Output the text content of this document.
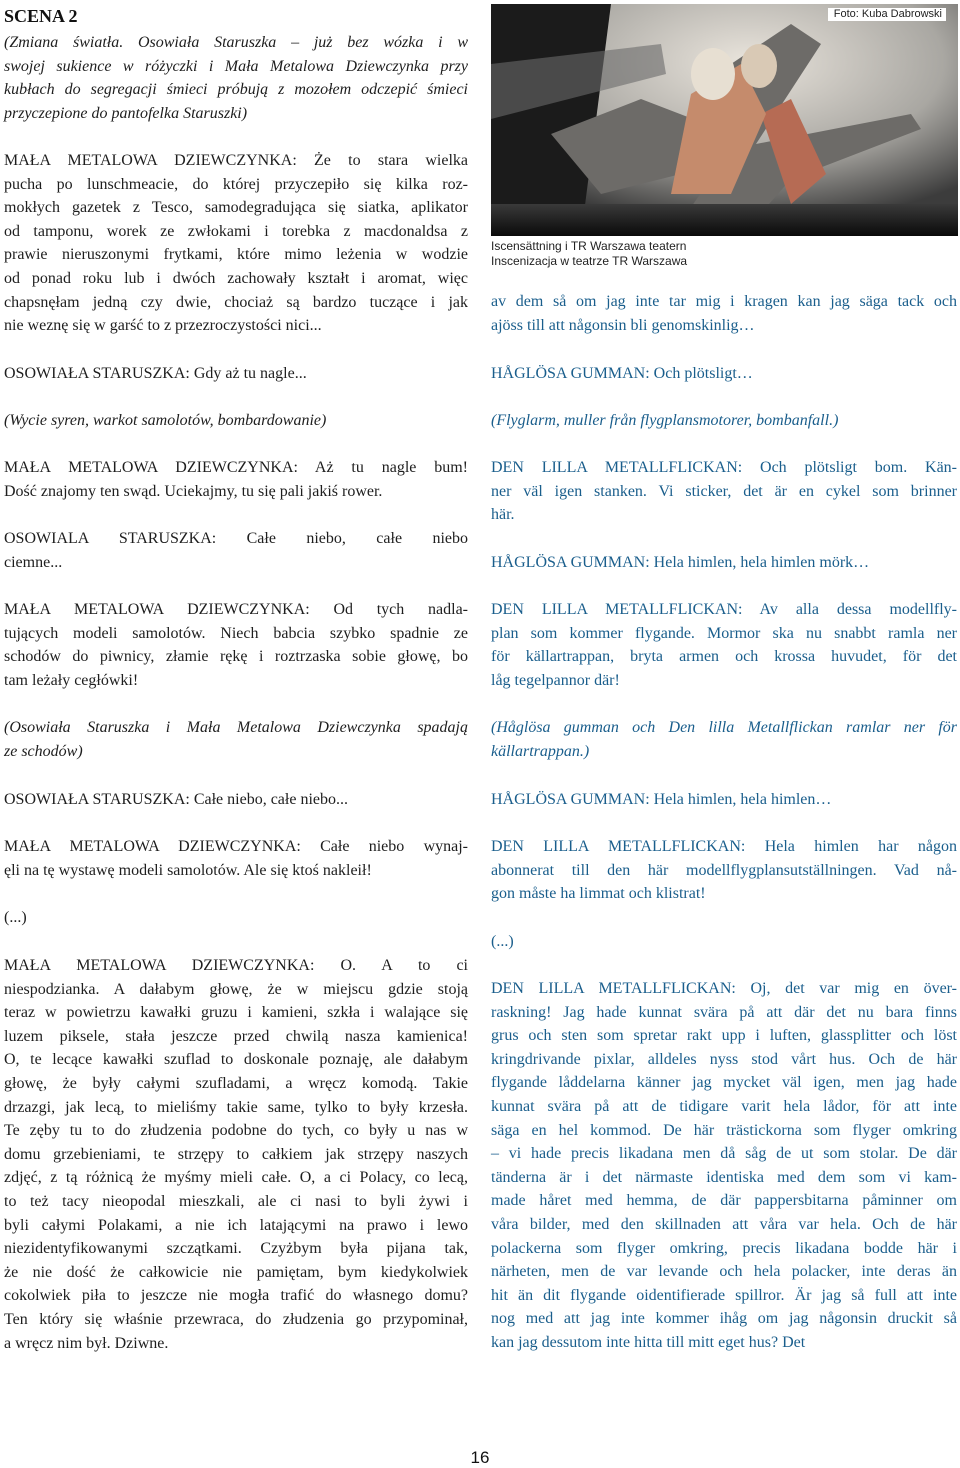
SCENA 2

(Zmiana światła. Osowiała Staruszka – już bez wózka i w
swojej sukience w różyczki i Mała Metalowa Dziewczynka przy
kubłach do segregacji śmieci próbują z mozołem odczepić śmieci
przyczepione do pantofelka Staruszki)

MAŁA METALOWA DZIEWCZYNKA: Że to stara wielka
pucha po lunschmeacie, do której przyczepiło się kilka roz-
mokłych gazetek z Tesco, samodegradująca się siatka, aplikator
od tamponu, worek ze zwłokami i torebka z macdonaldsa z
prawie nieruszonymi frytkami, które mimo leżenia w wodzie
od ponad roku lub i dwóch zachowały kształt i aromat, więc
chapsnęłam jedną czy dwie, chociaż są bardzo tuczące i jak
nie weznę się w garść to z przezroczystości nici...

OSOWIAŁA STARUSZKA: Gdy aż tu nagle...

(Wycie syren, warkot samolotów, bombardowanie)

MAŁA METALOWA DZIEWCZYNKA: Aż tu nagle bum!
Dość znajomy ten swąd. Uciekajmy, tu się pali jakiś rower.

OSOWIALA STARUSZKA: Całe niebo, całe niebo
ciemne...

MAŁA METALOWA DZIEWCZYNKA: Od tych nadla-
tujących modeli samolotów. Niech babcia szybko spadnie ze
schodów do piwnicy, złamie rękę i roztrzaska sobie głowę, bo
tam leżały cegłówki!

(Osowiała Staruszka i Mała Metalowa Dziewczynka spadają
ze schodów)

OSOWIAŁA STARUSZKA: Całe niebo, całe niebo...

MAŁA METALOWA DZIEWCZYNKA: Całe niebo wynaj-
ęli na tę wystawę modeli samolotów. Ale się ktoś nakleił!

(...)

MAŁA METALOWA DZIEWCZYNKA: O. A to ci
niespodzianka. A dałabym głowę, że w miejscu gdzie stoją
teraz w powietrzu kawałki gruzu i kamieni, szkła i walające się
luzem piksele, stała jeszcze przed chwilą nasza kamienica!
O, te lecące kawałki szuflad to doskonale poznaję, ale dałabym
głowę, że były całymi szufladami, a wręcz komodą. Takie
drzazgi, jak lecą, to mieliśmy takie same, tylko to były krzesła.
Te zęby tu to do złudzenia podobne do tych, co były u nas w
domu grzebieniami, te strzępy to całkiem jak strzępy naszych
zdjęć, z tą różnicą że myśmy mieli całe. O, a ci Polacy, co lecą,
to też tacy nieopodal mieszkali, ale ci nasi to byli żywi i
byli całymi Polakami, a nie ich latającymi na prawo i lewo
niezidentyfikowanymi szczątkami. Czyżbym była pijana tak,
że nie dość że całkowicie nie pamiętam, bym kiedykolwiek
cokolwiek piła to jeszcze nie mogła trafić do własnego domu?
Ten który się właśnie przewraca, do złudzenia go przypominał,
a wręcz nim był. Dziwne.

Foto: Kuba Dabrowski
Iscensättning i TR Warszawa teatern
Inscenizacja w teatrze TR Warszawa

av dem så om jag inte tar mig i kragen kan jag säga tack och
ajöss till att någonsin bli genomskinlig…

HÅGLÖSA GUMMAN: Och plötsligt…

(Flyglarm, muller från flygplansmotorer, bombanfall.)

DEN LILLA METALLFLICKAN: Och plötsligt bom. Kän-
ner väl igen stanken. Vi sticker, det är en cykel som brinner
här.

HÅGLÖSA GUMMAN: Hela himlen, hela himlen mörk…

DEN LILLA METALLFLICKAN: Av alla dessa modellfly-
plan som kommer flygande. Mormor ska nu snabbt ramla ner
för källartrappan, bryta armen och krossa huvudet, för det
låg tegelpannor där!

(Håglösa gumman och Den lilla Metallflickan ramlar ner för
källartrappan.)

HÅGLÖSA GUMMAN: Hela himlen, hela himlen…

DEN LILLA METALLFLICKAN: Hela himlen har någon
abonnerat till den här modellflygplansutställningen. Vad nå-
gon måste ha limmat och klistrat!

(...)

DEN LILLA METALLFLICKAN: Oj, det var mig en över-
raskning! Jag hade kunnat svära på att där det nu bara finns
grus och sten som spretar rakt upp i luften, glassplitter och löst
kringdrivande pixlar, alldeles nyss stod vårt hus. Och de här
flygande låddelarna känner jag mycket väl igen, men jag hade
kunnat svära på att de tidigare varit hela lådor, för att inte
säga en hel kommod. De här trästickorna som flyger omkring
– vi hade precis likadana men då såg de ut som stolar. De där
tänderna är i det närmaste identiska med dem som vi kam-
made håret med hemma, de där pappersbitarna påminner om
våra bilder, med den skillnaden att våra var hela. Och de här
polackerna som flyger omkring, precis likadana bodde här i
närheten, men de var levande och hela polacker, inte deras än
hit än dit flygande oidentifierade spillror. Är jag så full att inte
nog med att jag inte kommer ihåg om jag någonsin druckit så
kan jag dessutom inte hitta till mitt eget hus? Det

16
